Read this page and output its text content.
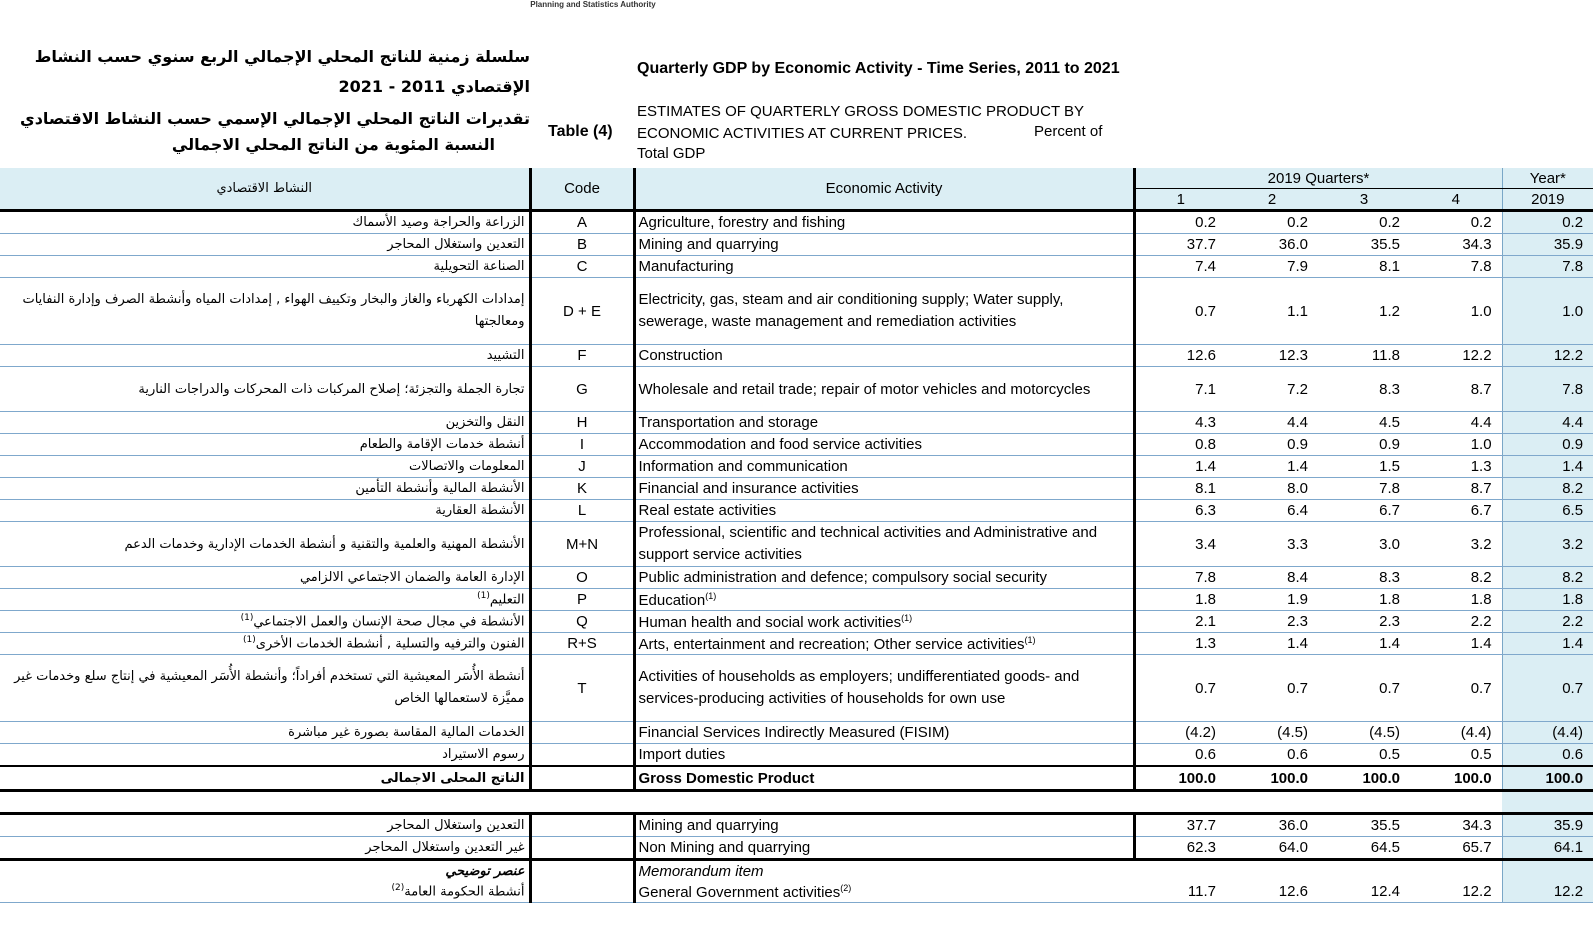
Planning and Statistics Authority
سلسلة زمنية للناتج المحلي الإجمالي الربع سنوي حسب النشاط الإقتصادي 2011 - 2021
تقديرات الناتج المحلي الإجمالي الإسمي حسب النشاط الاقتصادي
النسبة المئوية من الناتج المحلي الاجمالي
Table (4)
Quarterly GDP by Economic Activity - Time Series, 2011 to 2021
ESTIMATES OF QUARTERLY GROSS DOMESTIC PRODUCT BY ECONOMIC ACTIVITIES AT CURRENT PRICES.	Percent of
Total GDP
النشاط الاقتصادي	Code	Economic Activity	2019 Quarters*				Year*
			1	2	3	4	2019
الزراعة والحراجة وصيد الأسماك	A	Agriculture, forestry and fishing	0.2	0.2	0.2	0.2	0.2
التعدين واستغلال المحاجر	B	Mining and quarrying	37.7	36.0	35.5	34.3	35.9
الصناعة التحويلية	C	Manufacturing	7.4	7.9	8.1	7.8	7.8
إمدادات الكهرباء والغاز والبخار وتكييف الهواء , إمدادات المياه وأنشطة الصرف وإدارة النفايات ومعالجتها	D + E	Electricity, gas, steam and air conditioning supply; Water supply, sewerage, waste management and remediation activities	0.7	1.1	1.2	1.0	1.0
التشييد	F	Construction	12.6	12.3	11.8	12.2	12.2
تجارة الجملة والتجزئة؛ إصلاح المركبات ذات المحركات والدراجات النارية	G	Wholesale and retail trade; repair of motor vehicles and motorcycles	7.1	7.2	8.3	8.7	7.8
النقل والتخزين	H	Transportation and storage	4.3	4.4	4.5	4.4	4.4
أنشطة خدمات الإقامة والطعام	I	Accommodation and food service activities	0.8	0.9	0.9	1.0	0.9
المعلومات والاتصالات	J	Information and communication	1.4	1.4	1.5	1.3	1.4
الأنشطة المالية وأنشطة التأمين	K	Financial and insurance activities	8.1	8.0	7.8	8.7	8.2
الأنشطة العقارية	L	Real estate activities	6.3	6.4	6.7	6.7	6.5
الأنشطة المهنية والعلمية والتقنية و أنشطة الخدمات الإدارية وخدمات الدعم	M+N	Professional, scientific and technical activities and Administrative and support service activities	3.4	3.3	3.0	3.2	3.2
الإدارة العامة والضمان الاجتماعي الالزامي	O	Public administration and defence; compulsory social security	7.8	8.4	8.3	8.2	8.2
التعليم$^{(1)}$	P	Education$^{(1)}$	1.8	1.9	1.8	1.8	1.8
الأنشطة في مجال صحة الإنسان والعمل الاجتماعي$^{(1)}$	Q	Human health and social work activities$^{(1)}$	2.1	2.3	2.3	2.2	2.2
الفنون والترفيه والتسلية , أنشطة الخدمات الأخرى$^{(1)}$	R+S	Arts, entertainment and recreation; Other service activities$^{(1)}$	1.3	1.4	1.4	1.4	1.4
أنشطة الأُسَر المعيشية التي تستخدم أفراداً؛ وأنشطة الأُسَر المعيشية في إنتاج سلع وخدمات غير مميَّزة لاستعمالها الخاص	T	Activities of households as employers; undifferentiated goods- and services-producing activities of households for own use	0.7	0.7	0.7	0.7	0.7
الخدمات المالية المقاسة بصورة غير مباشرة		Financial Services Indirectly Measured (FISIM)	(4.2)	(4.5)	(4.5)	(4.4)	(4.4)
رسوم الاستيراد		Import duties	0.6	0.6	0.5	0.5	0.6
الناتج المحلى الاجمالى		Gross Domestic Product	100.0	100.0	100.0	100.0	100.0

التعدين واستغلال المحاجر		Mining and quarrying	37.7	36.0	35.5	34.3	35.9
غير التعدين واستغلال المحاجر		Non Mining and quarrying	62.3	64.0	64.5	65.7	64.1
عنصر توضيحي		Memorandum item					
أنشطة الحكومة العامة$^{(2)}$		General Government activities$^{(2)}$	11.7	12.6	12.4	12.2	12.2
